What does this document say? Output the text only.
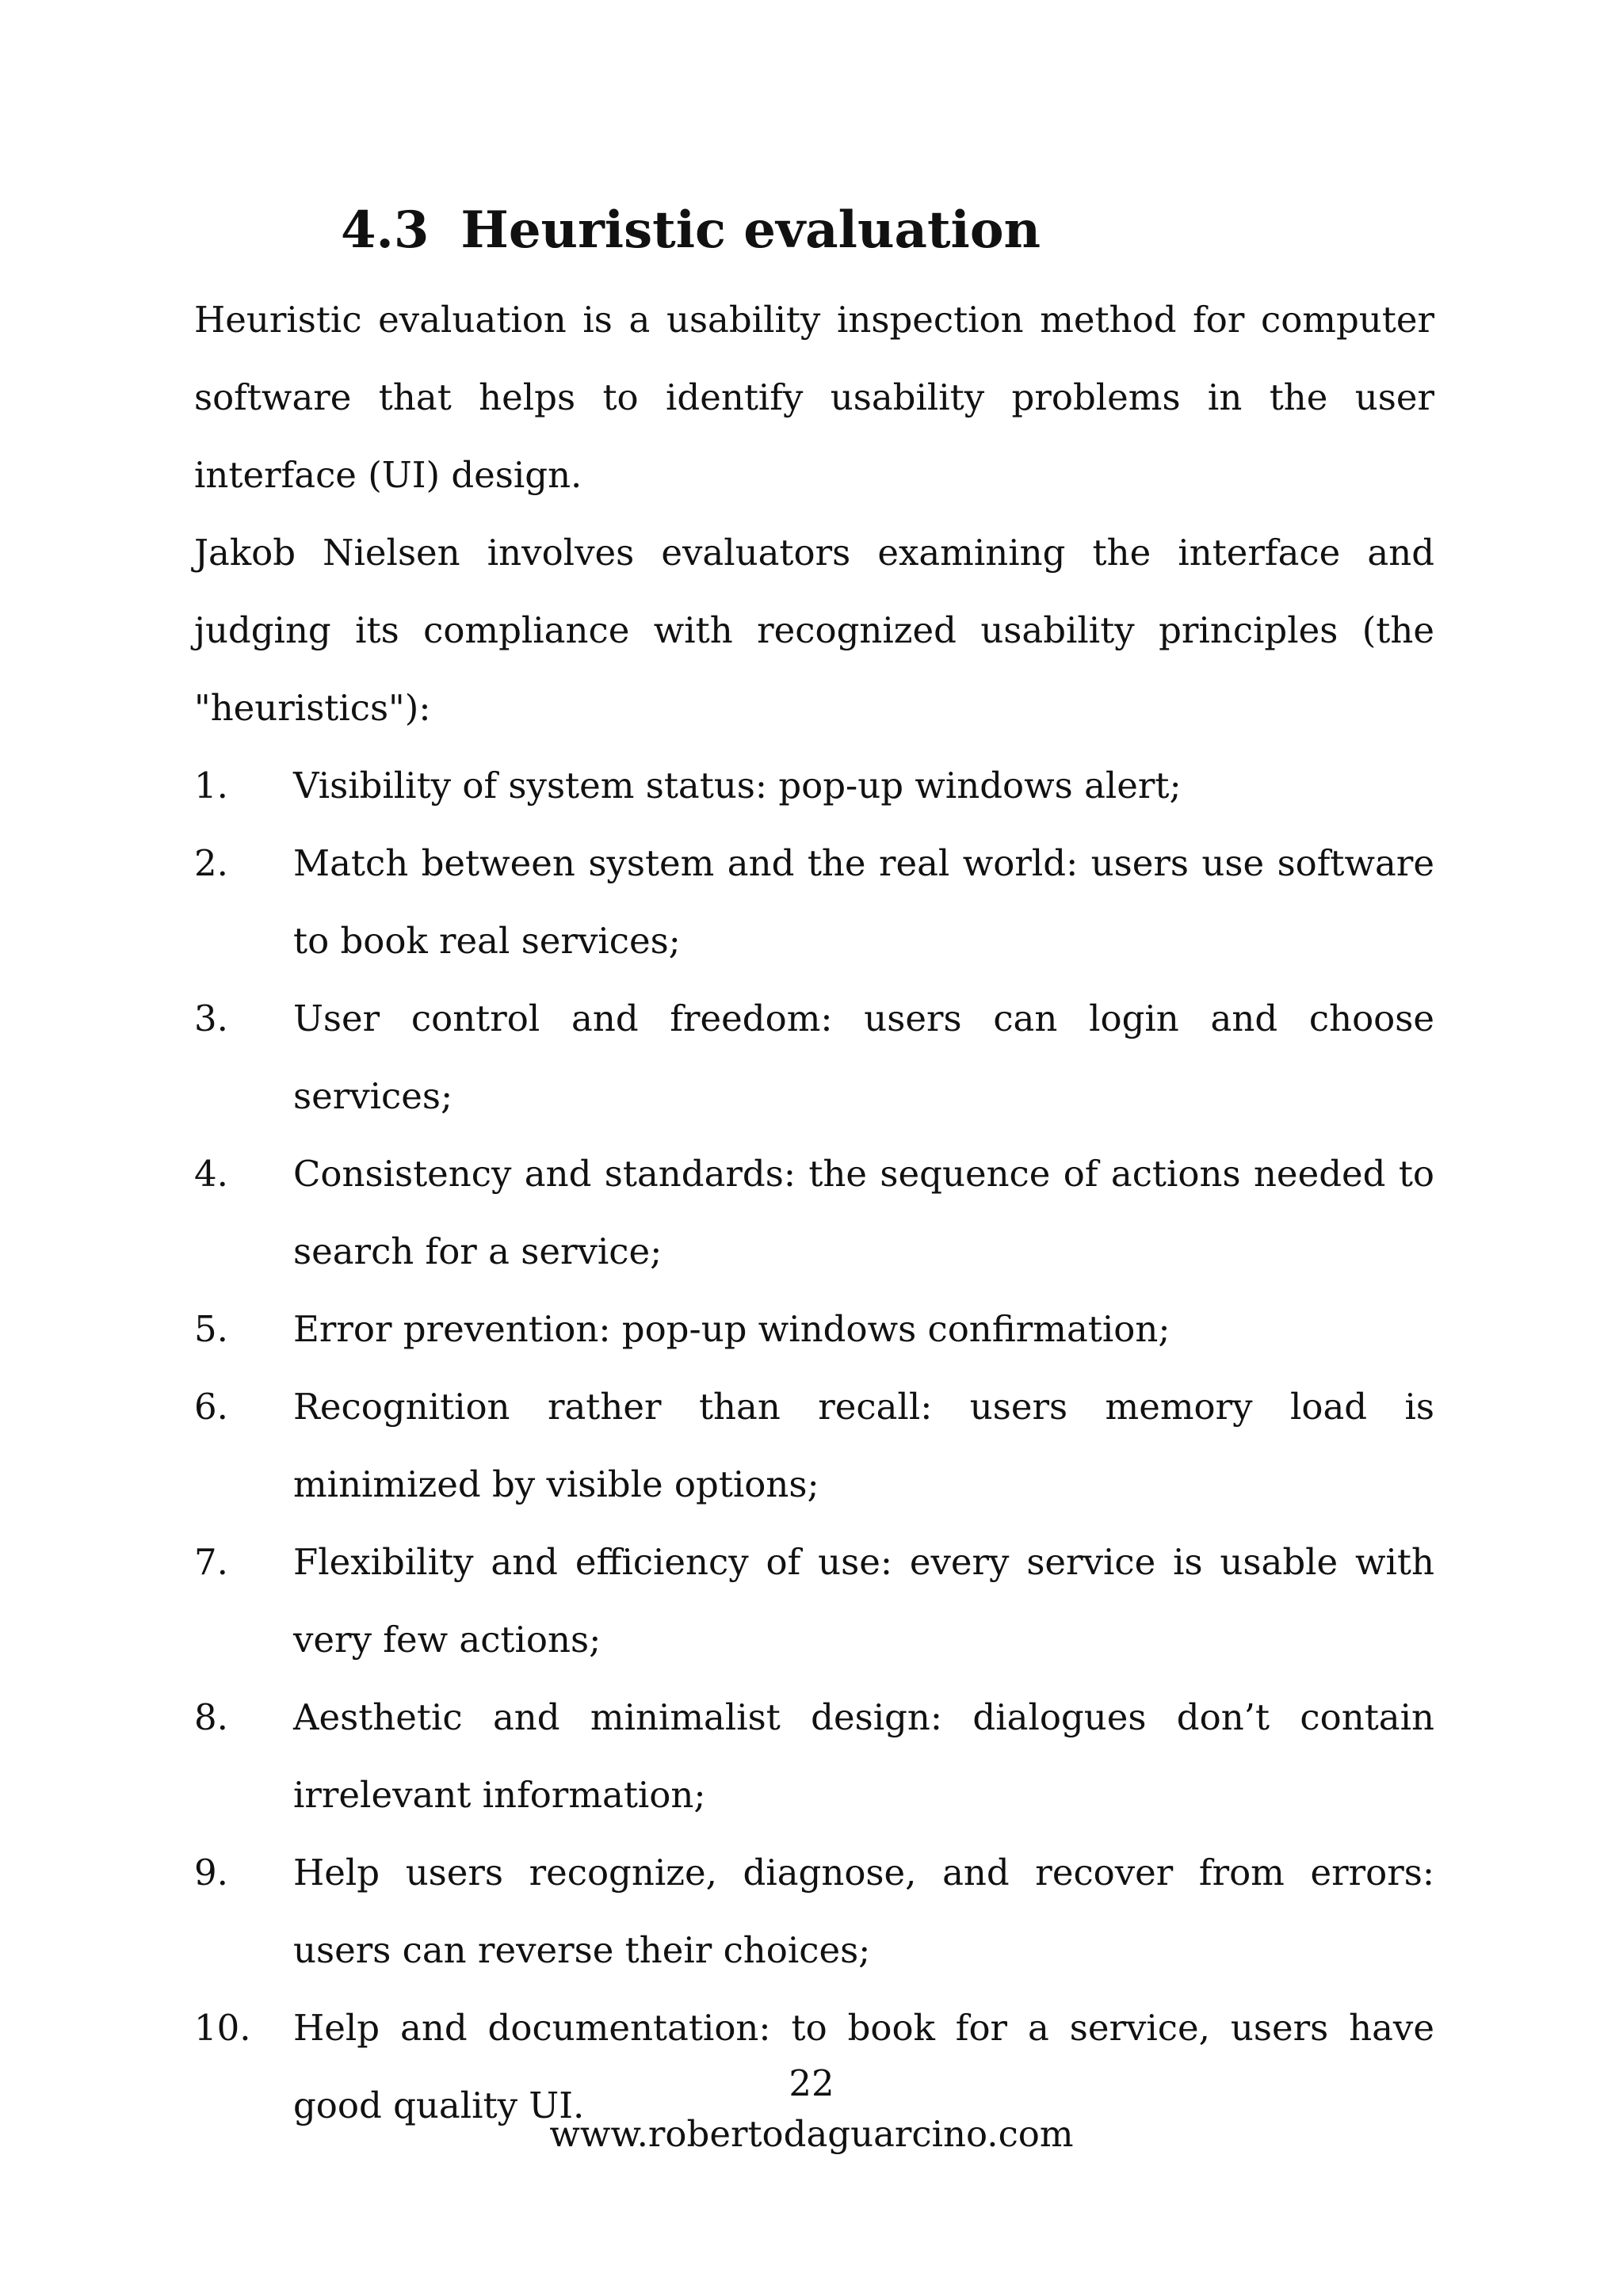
4.3 Heuristic evaluation

Heuristic evaluation is a usability inspection method for computer software that helps to identify usability problems in the user interface (UI) design.

Jakob Nielsen involves evaluators examining the interface and judging its compliance with recognized usability principles (the "heuristics"):

1.	Visibility of system status: pop-up windows alert;
2.	Match between system and the real world: users use software to book real services;
3.	User control and freedom: users can login and choose services;
4.	Consistency and standards: the sequence of actions needed to search for a service;
5.	Error prevention: pop-up windows confirmation;
6.	Recognition rather than recall: users memory load is minimized by visible options;
7.	Flexibility and efficiency of use: every service is usable with very few actions;
8.	Aesthetic and minimalist design: dialogues don’t contain irrelevant information;
9.	Help users recognize, diagnose, and recover from errors: users can reverse their choices;
10.	Help and documentation: to book for a service, users have good quality UI.
22
www.robertodaguarcino.com
